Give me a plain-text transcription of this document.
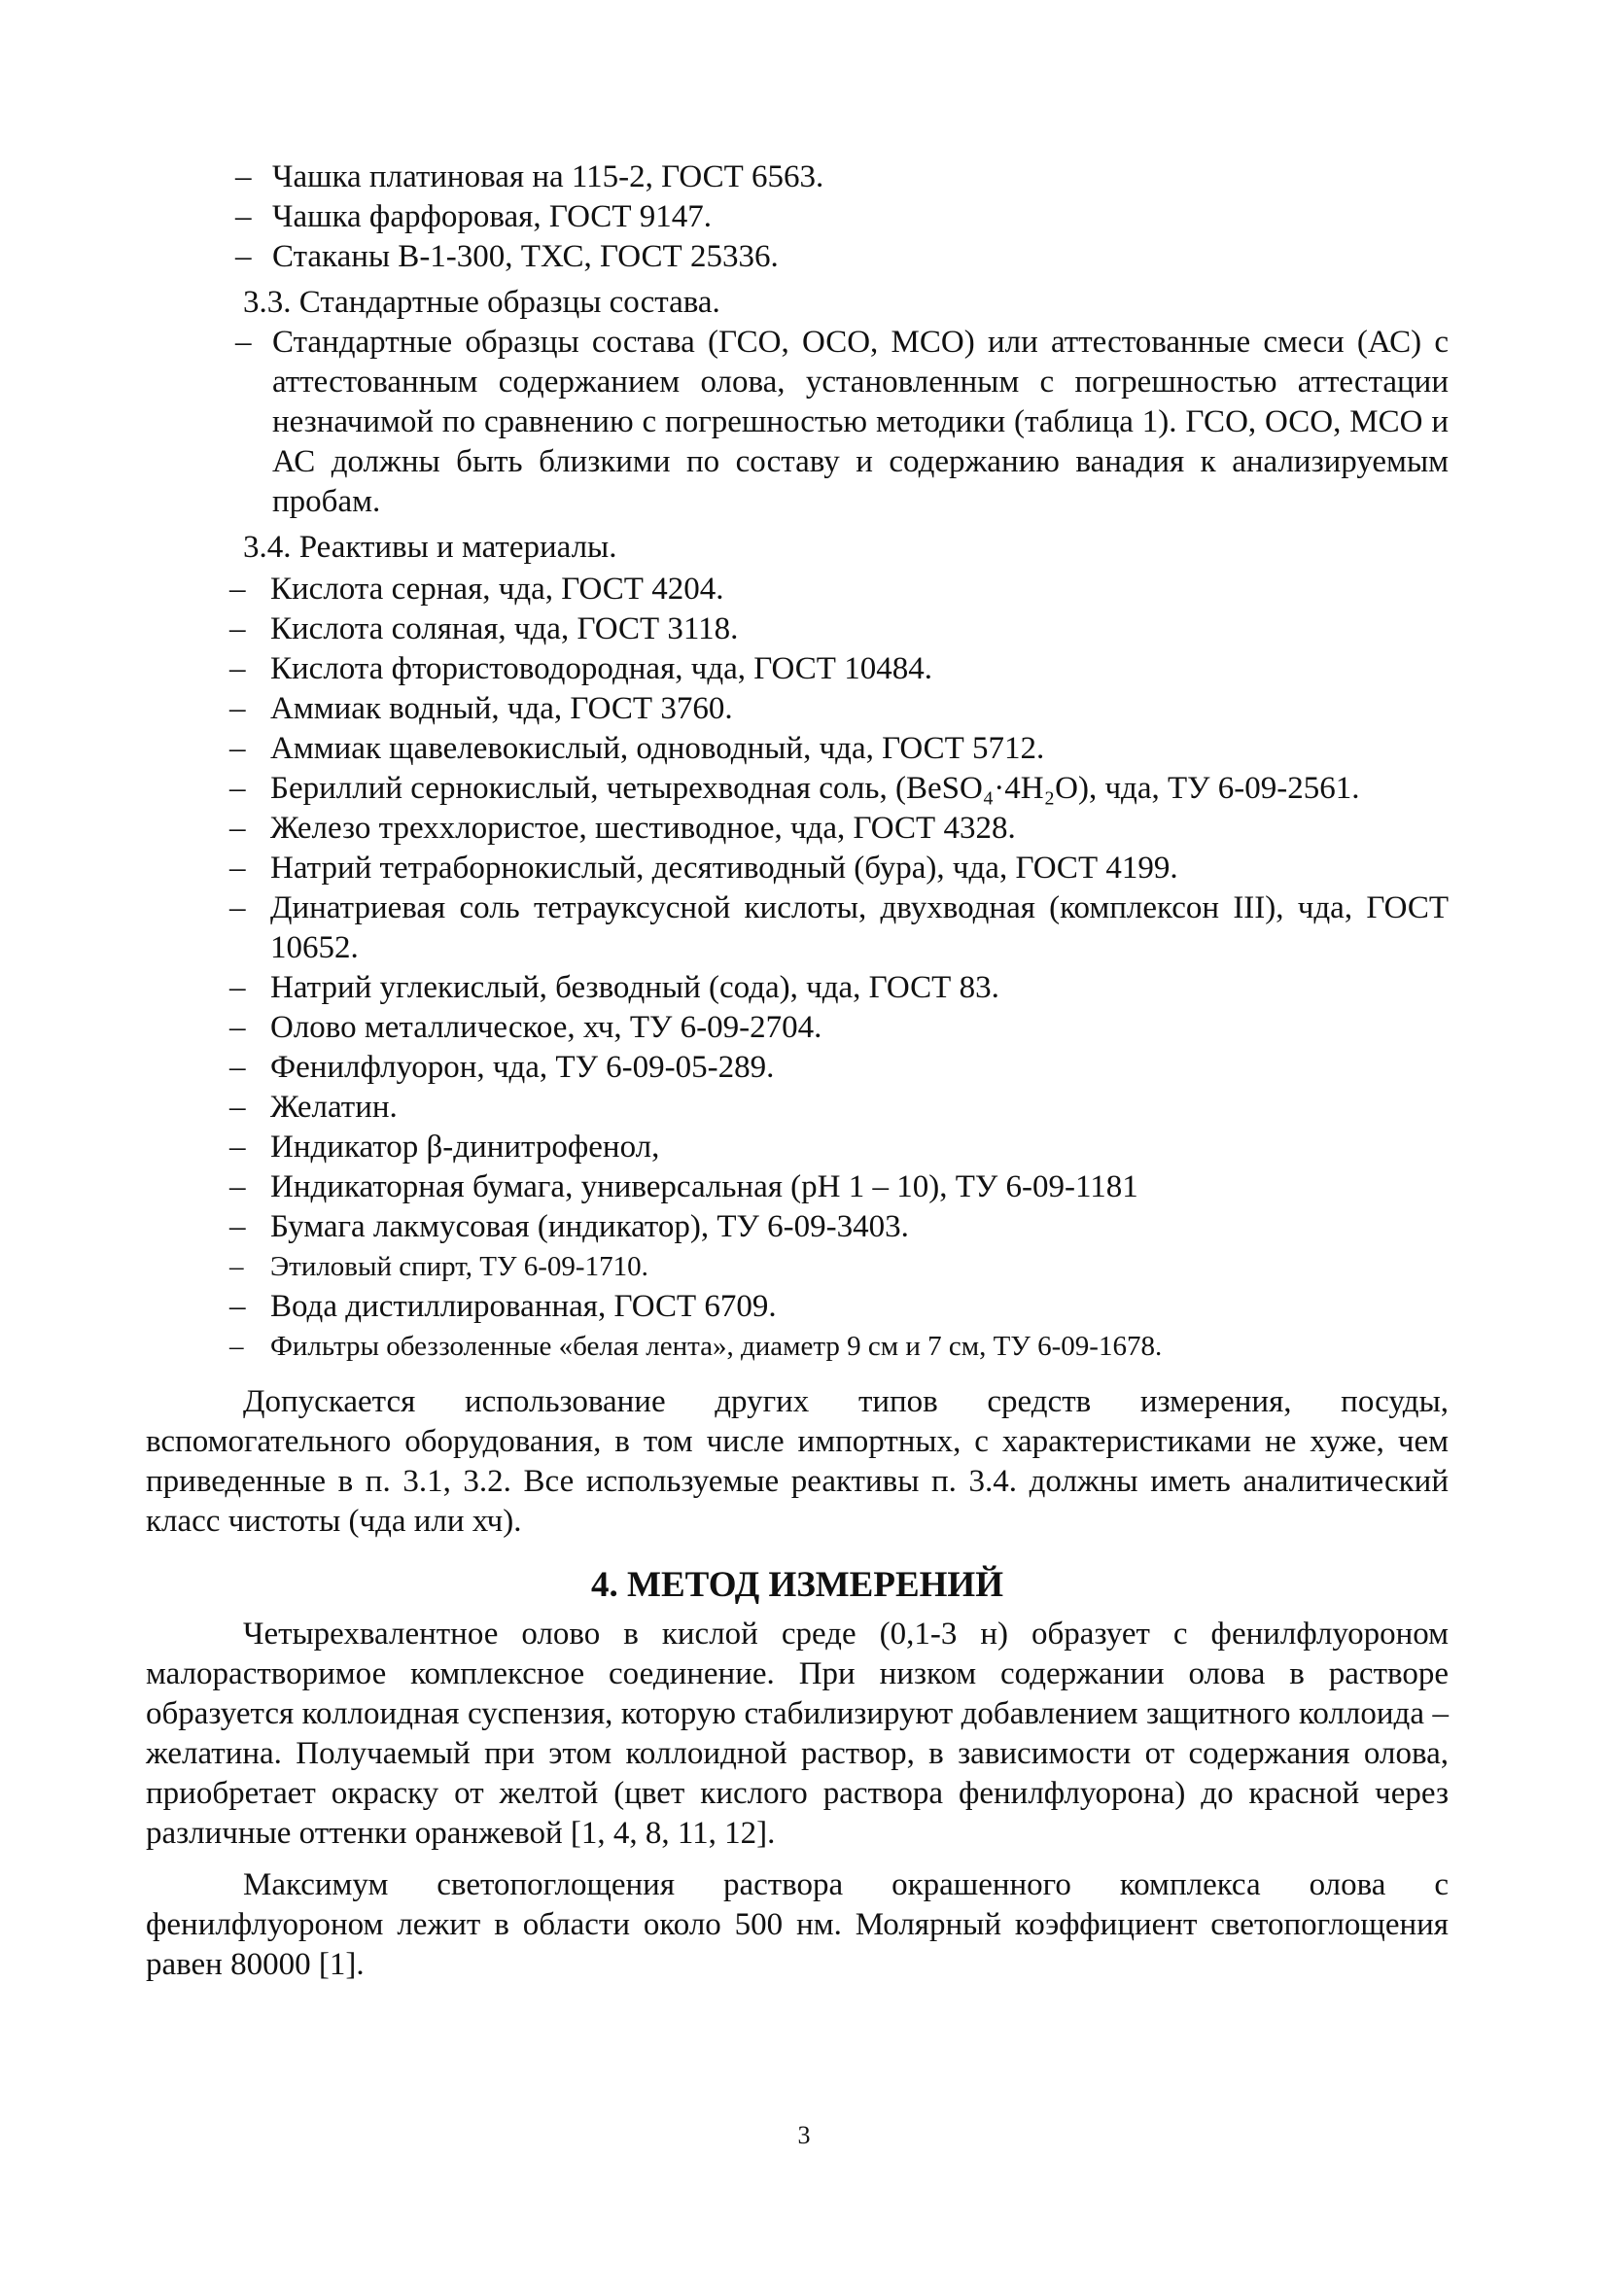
– Чашка платиновая на 115-2, ГОСТ 6563.
– Чашка фарфоровая, ГОСТ 9147.
– Стаканы В-1-300, ТХС, ГОСТ 25336.
3.3. Стандартные образцы состава.
– Стандартные образцы состава (ГСО, ОСО, МСО) или аттестованные смеси (АС) с аттестованным содержанием олова, установленным с погрешностью аттестации незначимой по сравнению с погрешностью методики (таблица 1). ГСО, ОСО, МСО и АС должны быть близкими по составу и содержанию ванадия к анализируемым пробам.
3.4. Реактивы и материалы.
– Кислота серная, чда, ГОСТ 4204.
– Кислота соляная, чда, ГОСТ 3118.
– Кислота фтористоводородная, чда, ГОСТ 10484.
– Аммиак водный, чда, ГОСТ 3760.
– Аммиак щавелевокислый, одноводный, чда, ГОСТ 5712.
– Бериллий сернокислый, четырехводная соль, (BeSO₄·4H₂O), чда, ТУ 6-09-2561.
– Железо треххлористое, шестиводное, чда, ГОСТ 4328.
– Натрий тетраборнокислый, десятиводный (бура), чда, ГОСТ 4199.
– Динатриевая соль тетрауксусной кислоты, двухводная (комплексон III), чда, ГОСТ 10652.
– Натрий углекислый, безводный (сода), чда, ГОСТ 83.
– Олово металлическое, хч, ТУ 6-09-2704.
– Фенилфлуорон, чда, ТУ 6-09-05-289.
– Желатин.
– Индикатор β-динитрофенол,
– Индикаторная бумага, универсальная (рН 1 – 10), ТУ 6-09-1181
– Бумага лакмусовая (индикатор), ТУ 6-09-3403.
– Этиловый спирт, ТУ 6-09-1710.
– Вода дистиллированная, ГОСТ 6709.
– Фильтры обеззоленные «белая лента», диаметр 9 см и 7 см, ТУ 6-09-1678.

Допускается использование других типов средств измерения, посуды, вспомогательного оборудования, в том числе импортных, с характеристиками не хуже, чем приведенные в п. 3.1, 3.2. Все используемые реактивы п. 3.4. должны иметь аналитический класс чистоты (чда или хч).

4. МЕТОД ИЗМЕРЕНИЙ

Четырехвалентное олово в кислой среде (0,1-3 н) образует с фенилфлуороном малорастворимое комплексное соединение. При низком содержании олова в растворе образуется коллоидная суспензия, которую стабилизируют добавлением защитного коллоида – желатина. Получаемый при этом коллоидной раствор, в зависимости от содержания олова, приобретает окраску от желтой (цвет кислого раствора фенилфлуорона) до красной через различные оттенки оранжевой [1, 4, 8, 11, 12].

Максимум светопоглощения раствора окрашенного комплекса олова с фенилфлуороном лежит в области около 500 нм. Молярный коэффициент светопоглощения равен 80000 [1].

3
